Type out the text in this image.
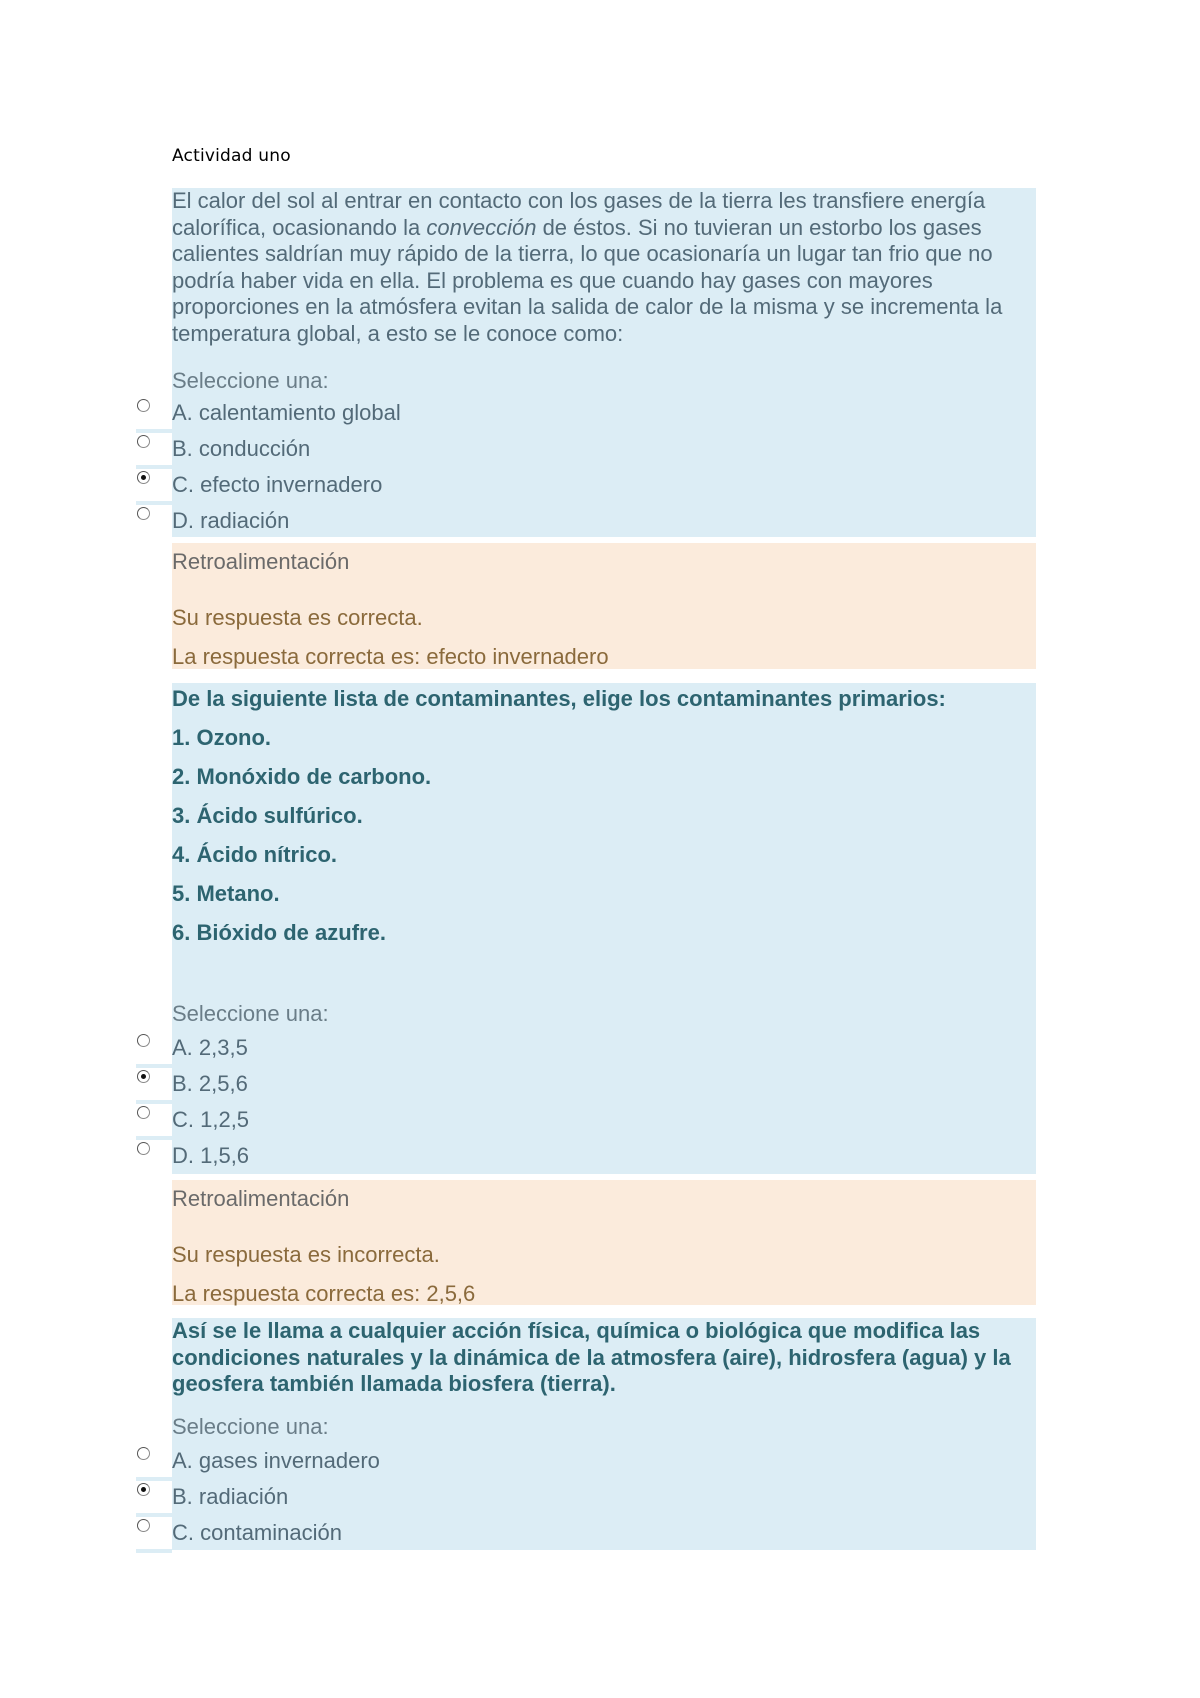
Actividad uno
El calor del sol al entrar en contacto con los gases de la tierra les transfiere energía calorífica, ocasionando la convección de éstos. Si no tuvieran un estorbo los gases calientes saldrían muy rápido de la tierra, lo que ocasionaría un lugar tan frio que no podría haber vida en ella. El problema es que cuando hay gases con mayores proporciones en la atmósfera evitan la salida de calor de la misma y se incrementa la temperatura global, a esto se le conoce como:
Seleccione una:
A. calentamiento global
B. conducción
C. efecto invernadero
D. radiación
Retroalimentación
Su respuesta es correcta.
La respuesta correcta es: efecto invernadero
De la siguiente lista de contaminantes, elige los contaminantes primarios:
1. Ozono.
2. Monóxido de carbono.
3. Ácido sulfúrico.
4. Ácido nítrico.
5. Metano.
6. Bióxido de azufre.
Seleccione una:
A. 2,3,5
B. 2,5,6
C. 1,2,5
D. 1,5,6
Retroalimentación
Su respuesta es incorrecta.
La respuesta correcta es: 2,5,6
Así se le llama a cualquier acción física, química o biológica que modifica las condiciones naturales y la dinámica de la atmosfera (aire), hidrosfera (agua) y la geosfera también llamada biosfera (tierra).
Seleccione una:
A. gases invernadero
B. radiación
C. contaminación
